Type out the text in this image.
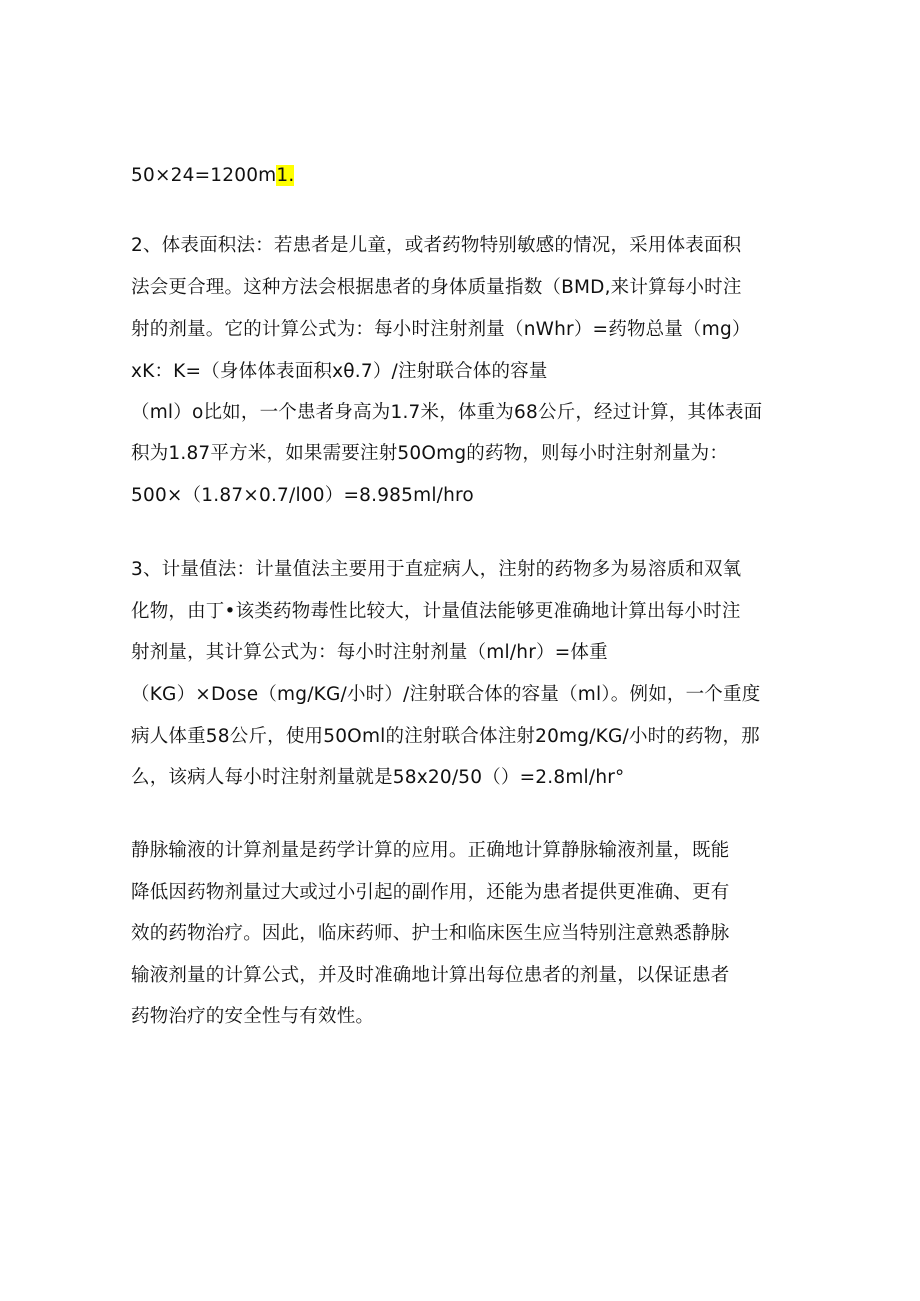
50×24=1200m1.
2、体表面积法：若患者是儿童，或者药物特别敏感的情况，采用体表面积
法会更合理。这种方法会根据患者的身体质量指数（BMD,来计算每小时注
射的剂量。它的计算公式为：每小时注射剂量（nWhr）=药物总量（mg）
xK：K=（身体体表面积xθ.7）/注射联合体的容量
（ml）o比如，一个患者身高为1.7米，体重为68公斤，经过计算，其体表面
积为1.87平方米，如果需要注射50Omg的药物，则每小时注射剂量为：
500×（1.87×0.7/l00）=8.985ml/hro
3、计量值法：计量值法主要用于直症病人，注射的药物多为易溶质和双氧
化物，由丁•该类药物毒性比较大，计量值法能够更准确地计算出每小时注
射剂量，其计算公式为：每小时注射剂量（ml/hr）=体重
（KG）×Dose（mg/KG/小时）/注射联合体的容量（ml）。例如，一个重度
病人体重58公斤，使用50Oml的注射联合体注射20mg/KG/小时的药物，那
么，该病人每小时注射剂量就是58x20/50（）=2.8ml/hr°
静脉输液的计算剂量是药学计算的应用。正确地计算静脉输液剂量，既能
降低因药物剂量过大或过小引起的副作用，还能为患者提供更准确、更有
效的药物治疗。因此，临床药师、护士和临床医生应当特别注意熟悉静脉
输液剂量的计算公式，并及时准确地计算出每位患者的剂量，以保证患者
药物治疗的安全性与有效性。
